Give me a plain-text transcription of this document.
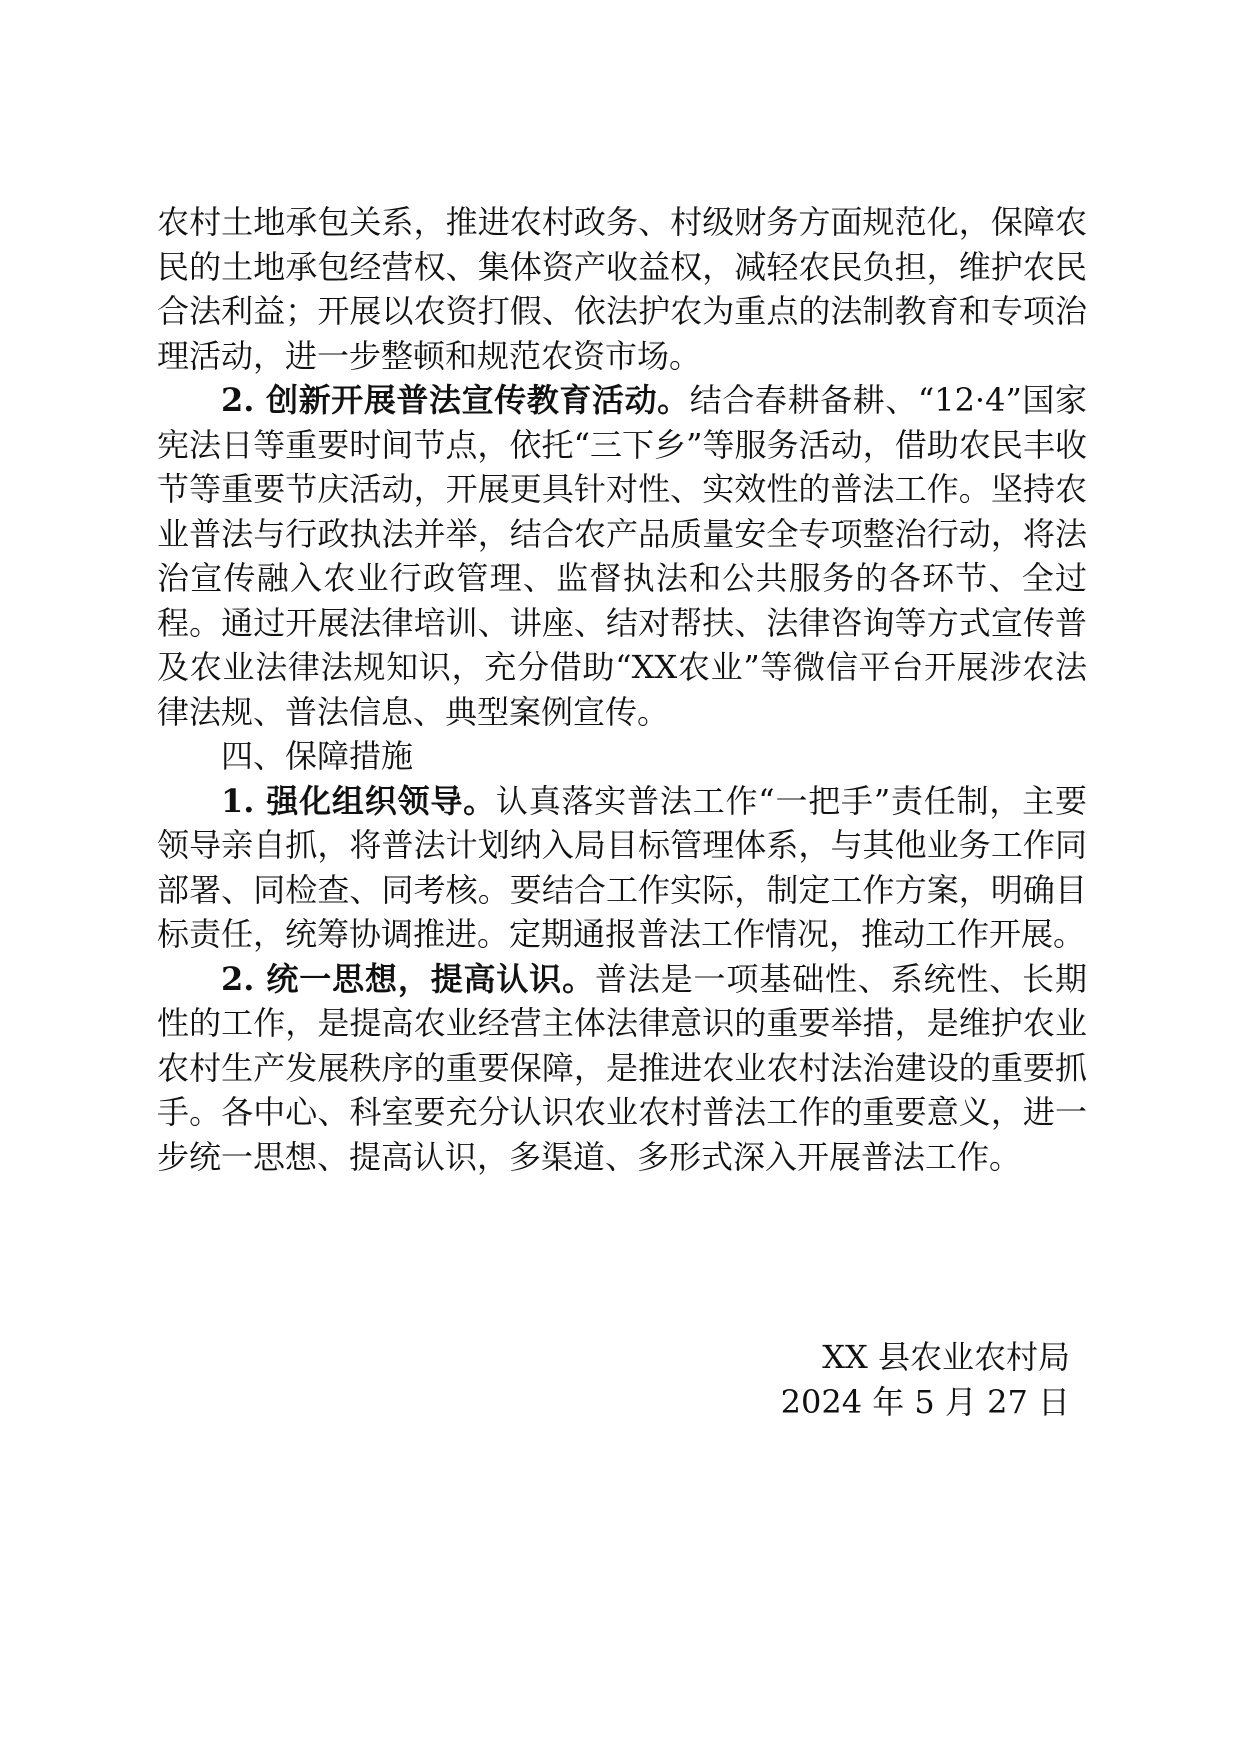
农村土地承包关系，推进农村政务、村级财务方面规范化，保障农民的土地承包经营权、集体资产收益权，减轻农民负担，维护农民合法利益；开展以农资打假、依法护农为重点的法制教育和专项治理活动，进一步整顿和规范农资市场。

2. 创新开展普法宣传教育活动。结合春耕备耕、“12·4”国家宪法日等重要时间节点，依托“三下乡”等服务活动，借助农民丰收节等重要节庆活动，开展更具针对性、实效性的普法工作。坚持农业普法与行政执法并举，结合农产品质量安全专项整治行动，将法治宣传融入农业行政管理、监督执法和公共服务的各环节、全过程。通过开展法律培训、讲座、结对帮扶、法律咨询等方式宣传普及农业法律法规知识，充分借助“XX农业”等微信平台开展涉农法律法规、普法信息、典型案例宣传。

四、保障措施

1. 强化组织领导。认真落实普法工作“一把手”责任制，主要领导亲自抓，将普法计划纳入局目标管理体系，与其他业务工作同部署、同检查、同考核。要结合工作实际，制定工作方案，明确目标责任，统筹协调推进。定期通报普法工作情况，推动工作开展。

2. 统一思想，提高认识。普法是一项基础性、系统性、长期性的工作，是提高农业经营主体法律意识的重要举措，是维护农业农村生产发展秩序的重要保障，是推进农业农村法治建设的重要抓手。各中心、科室要充分认识农业农村普法工作的重要意义，进一步统一思想、提高认识，多渠道、多形式深入开展普法工作。

XX 县农业农村局
2024 年 5 月 27 日
